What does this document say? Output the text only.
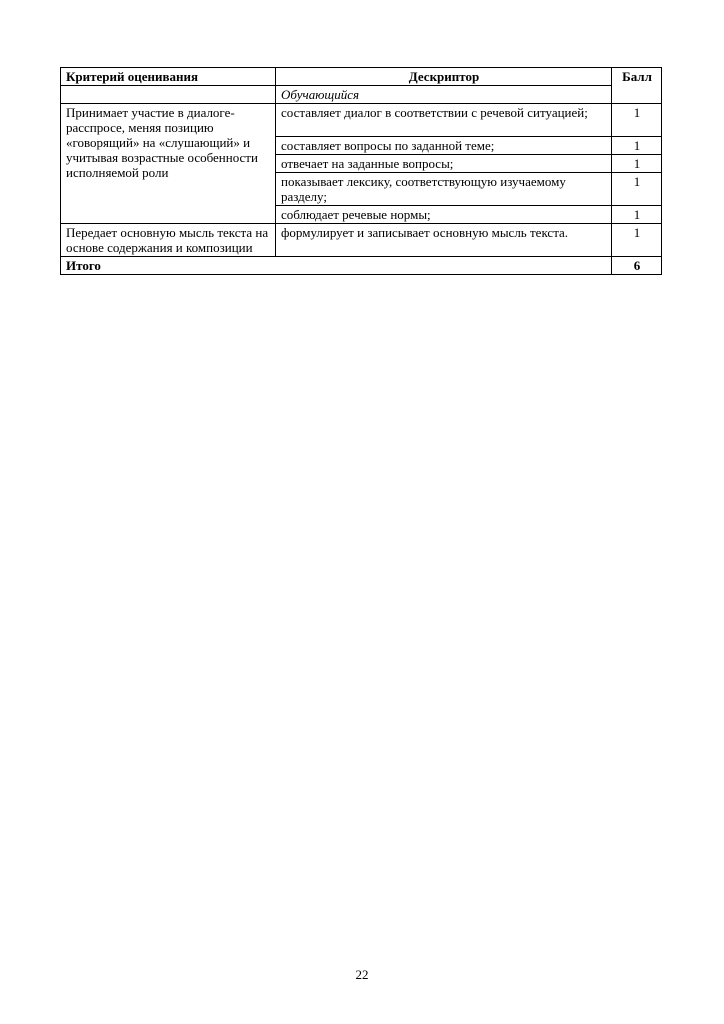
Критерий оценивания	Дескриптор	Балл
	Обучающийся	
Принимает участие в диалоге-расспросе, меняя позицию «говорящий» на «слушающий» и учитывая возрастные особенности исполняемой роли	составляет диалог в соответствии с речевой ситуацией;	1
	составляет вопросы по заданной теме;	1
	отвечает на заданные вопросы;	1
	показывает лексику, соответствующую изучаемому разделу;	1
	соблюдает речевые нормы;	1
Передает основную мысль текста на основе содержания и композиции	формулирует и записывает основную мысль текста.	1
Итого		6
22
